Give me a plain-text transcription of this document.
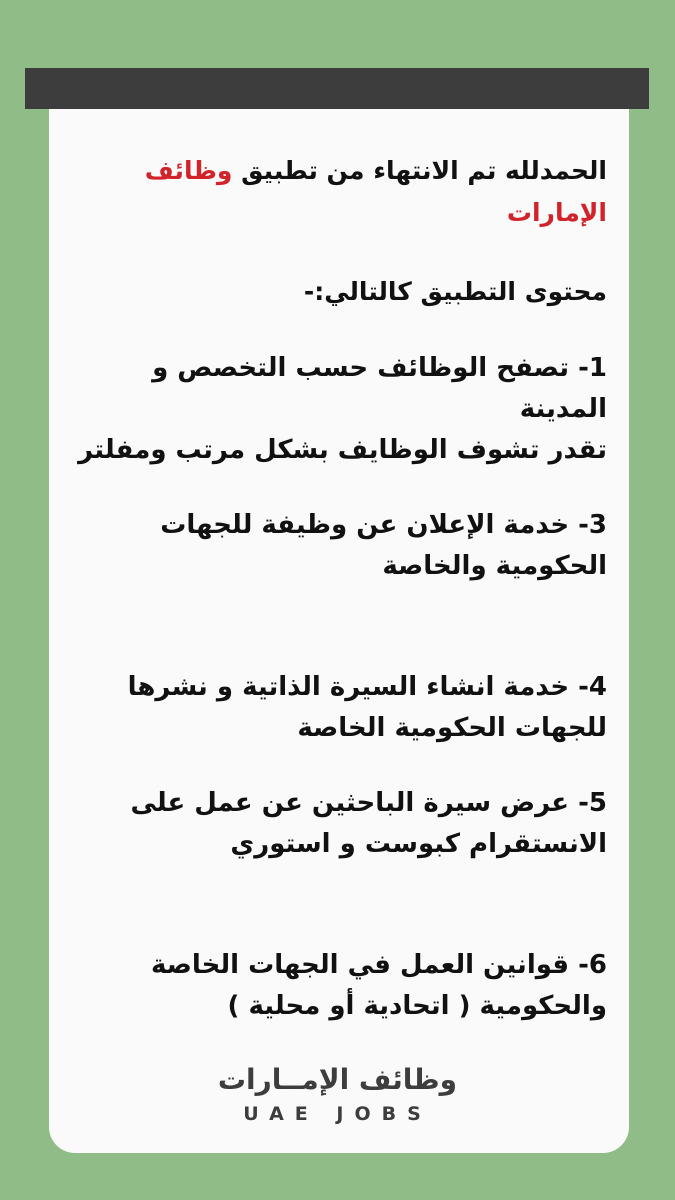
الحمدلله تم الانتهاء من تطبيق وظائف الإمارات

محتوى التطبيق كالتالي:-

1- تصفح الوظائف حسب التخصص و المدينة
تقدر تشوف الوظايف بشكل مرتب ومفلتر
3- خدمة الإعلان عن وظيفة للجهات الحكومية والخاصة
4- خدمة انشاء السيرة الذاتية و نشرها للجهات الحكومية الخاصة
5- عرض سيرة الباحثين عن عمل على الانستقرام كبوست و استوري
6- قوانين العمل في الجهات الخاصة والحكومية ( اتحادية أو محلية )
وظائف الإمــارات
UAE JOBS
